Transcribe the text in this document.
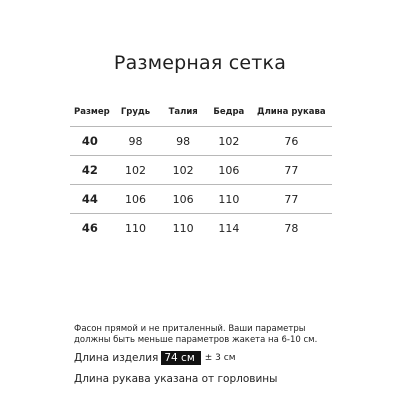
Размерная сетка
Размер	Грудь	Талия	Бедра	Длина рукава
40	98	98	102	76
42	102	102	106	77
44	106	106	110	77
46	110	110	114	78
Фасон прямой и не приталенный. Ваши параметры
должны быть меньше параметров жакета на 6-10 см.
Длина изделия 74 см	± 3 см
Длина рукава указана от горловины
